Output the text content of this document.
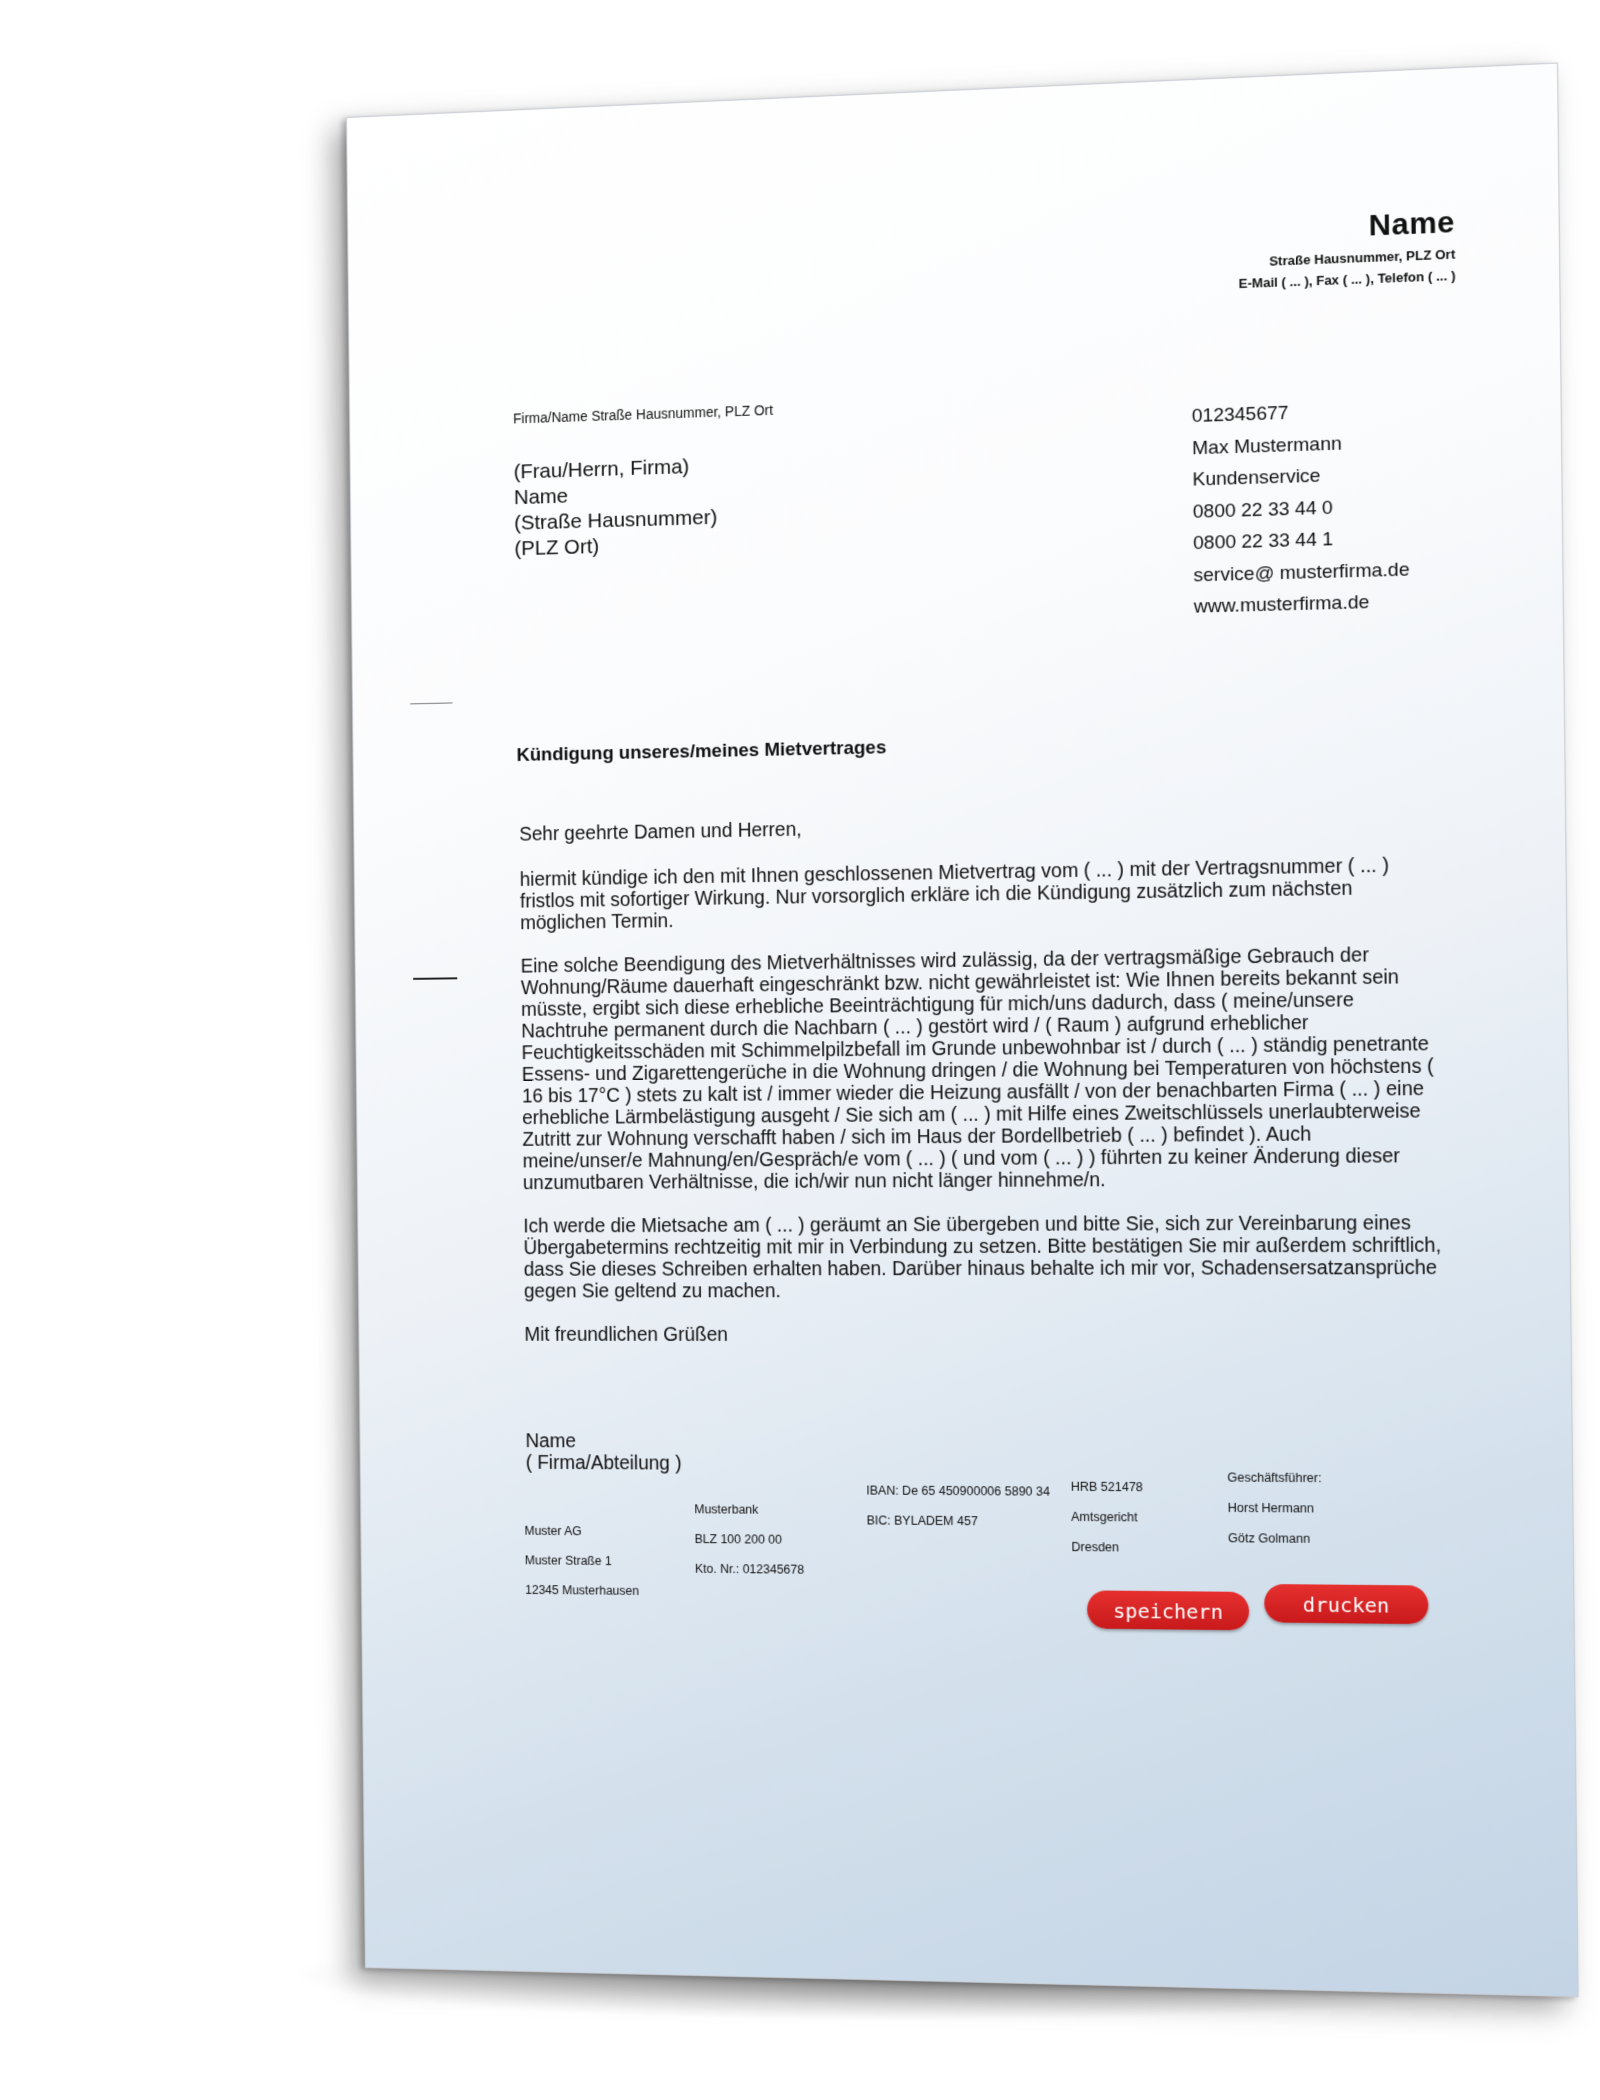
Name
Straße Hausnummer, PLZ Ort
E-Mail ( ... ), Fax ( ... ), Telefon ( ... )
Firma/Name Straße Hausnummer, PLZ Ort
(Frau/Herrn, Firma)
Name
(Straße Hausnummer)
(PLZ Ort)
012345677
Max Mustermann
Kundenservice
0800 22 33 44 0
0800 22 33 44 1
service@ musterfirma.de
www.musterfirma.de
Kündigung unseres/meines Mietvertrages

Sehr geehrte Damen und Herren,

hiermit kündige ich den mit Ihnen geschlossenen Mietvertrag vom ( ... ) mit der Vertragsnummer ( ... ) fristlos mit sofortiger Wirkung. Nur vorsorglich erkläre ich die Kündigung zusätzlich zum nächsten möglichen Termin.

Eine solche Beendigung des Mietverhältnisses wird zulässig, da der vertragsmäßige Gebrauch der Wohnung/Räume dauerhaft eingeschränkt bzw. nicht gewährleistet ist: Wie Ihnen bereits bekannt sein müsste, ergibt sich diese erhebliche Beeinträchtigung für mich/uns dadurch, dass ( meine/unsere Nachtruhe permanent durch die Nachbarn ( ... ) gestört wird / ( Raum ) aufgrund erheblicher Feuchtigkeitsschäden mit Schimmelpilzbefall im Grunde unbewohnbar ist / durch ( ... ) ständig penetrante Essens- und Zigarettengerüche in die Wohnung dringen / die Wohnung bei Temperaturen von höchstens ( 16 bis 17°C ) stets zu kalt ist / immer wieder die Heizung ausfällt / von der benachbarten Firma ( ... ) eine erhebliche Lärmbelästigung ausgeht / Sie sich am ( ... ) mit Hilfe eines Zweitschlüssels unerlaubterweise Zutritt zur Wohnung verschafft haben / sich im Haus der Bordellbetrieb ( ... ) befindet ). Auch meine/unser/e Mahnung/en/Gespräch/e vom ( ... ) ( und vom ( ... ) ) führten zu keiner Änderung dieser unzumutbaren Verhältnisse, die ich/wir nun nicht länger hinnehme/n.

Ich werde die Mietsache am ( ... ) geräumt an Sie übergeben und bitte Sie, sich zur Vereinbarung eines Übergabetermins rechtzeitig mit mir in Verbindung zu setzen. Bitte bestätigen Sie mir außerdem schriftlich, dass Sie dieses Schreiben erhalten haben. Darüber hinaus behalte ich mir vor, Schadensersatzansprüche gegen Sie geltend zu machen.

Mit freundlichen Grüßen

Name
( Firma/Abteilung )
Muster AG
Muster Straße 1
12345 Musterhausen
Musterbank
BLZ 100 200 00
Kto. Nr.: 012345678
IBAN: De 65 450900006 5890 34
BIC: BYLADEM 457
HRB 521478
Amtsgericht
Dresden
Geschäftsführer:
Horst Hermann
Götz Golmann
speichern	drucken
